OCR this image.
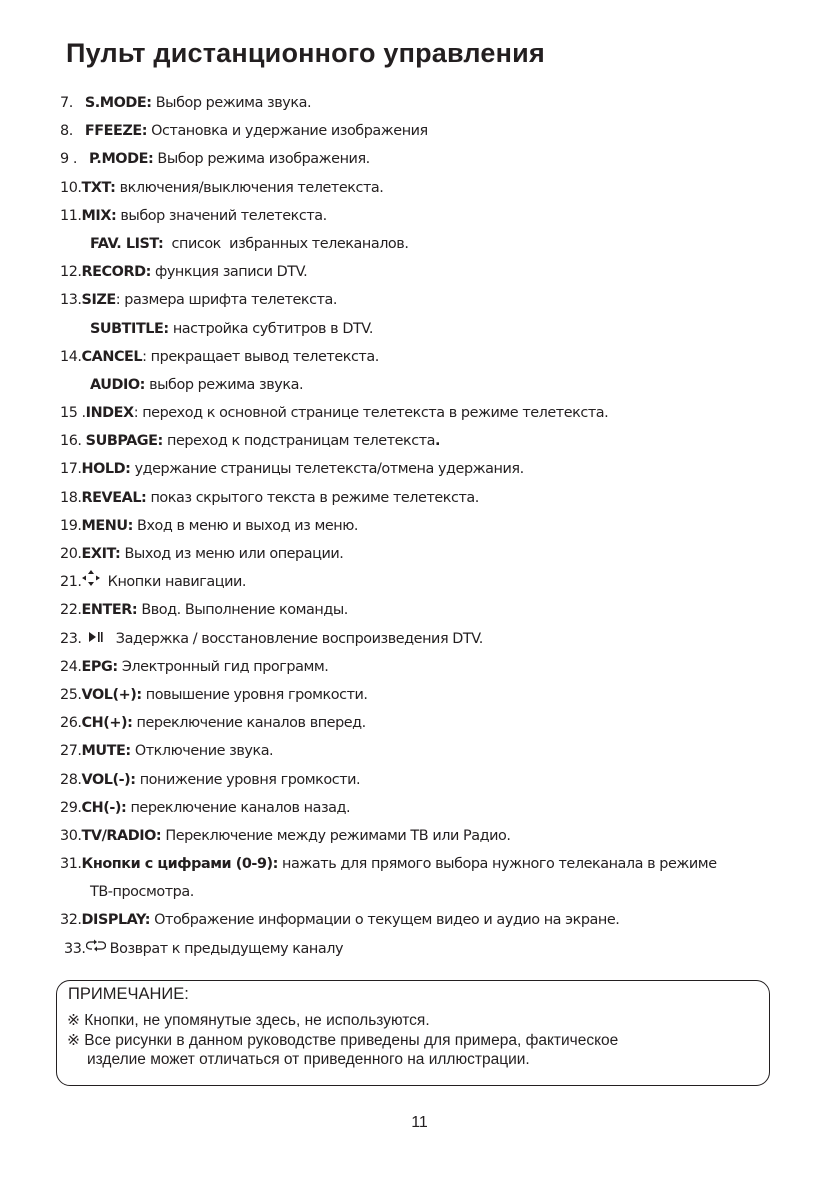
Пульт дистанционного управления
7. S.MODE: Выбор режима звука.
8. FFEEZE: Остановка и удержание изображения
9 . P.MODE: Выбор режима изображения.
10.TXT: включения/выключения телетекста.
11.MIX: выбор значений телетекста.
FAV. LIST:  список  избранных телеканалов.
12.RECORD: функция записи DTV.
13.SIZE: размера шрифта телетекста.
SUBTITLE: настройка субтитров в DTV.
14.CANCEL: прекращает вывод телетекста.
AUDIO: выбор режима звука.
15 .INDEX: переход к основной странице телетекста в режиме телетекста.
16. SUBPAGE: переход к подстраницам телетекста.
17.HOLD: удержание страницы телетекста/отмена удержания.
18.REVEAL: показ скрытого текста в режиме телетекста.
19.MENU: Вход в меню и выход из меню.
20.EXIT: Выход из меню или операции.
21. Кнопки навигации.
22.ENTER: Ввод. Выполнение команды.
23.  Задержка / восстановление воспроизведения DTV.
24.EPG: Электронный гид программ.
25.VOL(+): повышение уровня громкости.
26.CH(+): переключение каналов вперед.
27.MUTE: Отключение звука.
28.VOL(-): понижение уровня громкости.
29.CH(-): переключение каналов назад.
30.TV/RADIO: Переключение между режимами ТВ или Радио.
31.Кнопки с цифрами (0-9): нажать для прямого выбора нужного телеканала в режиме
ТВ-просмотра.
32.DISPLAY: Отображение информации о текущем видео и аудио на экране.
33. Возврат к предыдущему каналу
ПРИМЕЧАНИЕ:
※ Кнопки, не упомянутые здесь, не используются.
※ Все рисунки в данном руководстве приведены для примера, фактическое
изделие может отличаться от приведенного на иллюстрации.
11
